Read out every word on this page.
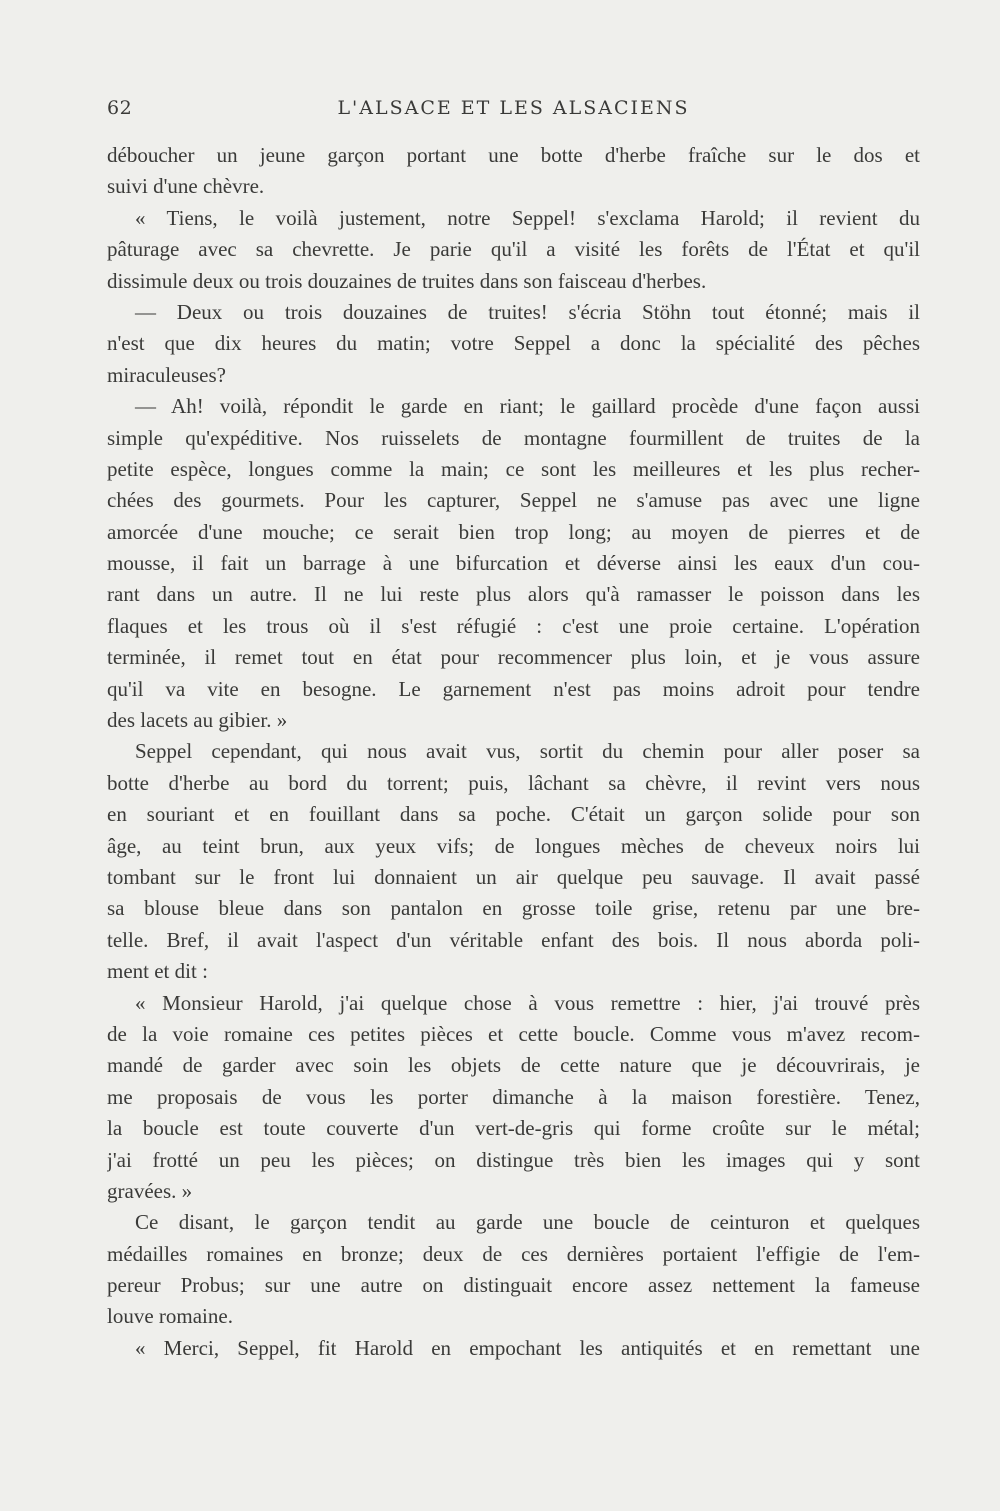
62	L'ALSACE ET LES ALSACIENS
déboucher un jeune garçon portant une botte d'herbe fraîche sur le dos et
suivi d'une chèvre.
« Tiens, le voilà justement, notre Seppel! s'exclama Harold; il revient du
pâturage avec sa chevrette. Je parie qu'il a visité les forêts de l'État et qu'il
dissimule deux ou trois douzaines de truites dans son faisceau d'herbes.
— Deux ou trois douzaines de truites! s'écria Stöhn tout étonné; mais il
n'est que dix heures du matin; votre Seppel a donc la spécialité des pêches
miraculeuses?
— Ah! voilà, répondit le garde en riant; le gaillard procède d'une façon aussi
simple qu'expéditive. Nos ruisselets de montagne fourmillent de truites de la
petite espèce, longues comme la main; ce sont les meilleures et les plus recher-
chées des gourmets. Pour les capturer, Seppel ne s'amuse pas avec une ligne
amorcée d'une mouche; ce serait bien trop long; au moyen de pierres et de
mousse, il fait un barrage à une bifurcation et déverse ainsi les eaux d'un cou-
rant dans un autre. Il ne lui reste plus alors qu'à ramasser le poisson dans les
flaques et les trous où il s'est réfugié : c'est une proie certaine. L'opération
terminée, il remet tout en état pour recommencer plus loin, et je vous assure
qu'il va vite en besogne. Le garnement n'est pas moins adroit pour tendre
des lacets au gibier. »
Seppel cependant, qui nous avait vus, sortit du chemin pour aller poser sa
botte d'herbe au bord du torrent; puis, lâchant sa chèvre, il revint vers nous
en souriant et en fouillant dans sa poche. C'était un garçon solide pour son
âge, au teint brun, aux yeux vifs; de longues mèches de cheveux noirs lui
tombant sur le front lui donnaient un air quelque peu sauvage. Il avait passé
sa blouse bleue dans son pantalon en grosse toile grise, retenu par une bre-
telle. Bref, il avait l'aspect d'un véritable enfant des bois. Il nous aborda poli-
ment et dit :
« Monsieur Harold, j'ai quelque chose à vous remettre : hier, j'ai trouvé près
de la voie romaine ces petites pièces et cette boucle. Comme vous m'avez recom-
mandé de garder avec soin les objets de cette nature que je découvrirais, je
me proposais de vous les porter dimanche à la maison forestière. Tenez,
la boucle est toute couverte d'un vert-de-gris qui forme croûte sur le métal;
j'ai frotté un peu les pièces; on distingue très bien les images qui y sont
gravées. »
Ce disant, le garçon tendit au garde une boucle de ceinturon et quelques
médailles romaines en bronze; deux de ces dernières portaient l'effigie de l'em-
pereur Probus; sur une autre on distinguait encore assez nettement la fameuse
louve romaine.
« Merci, Seppel, fit Harold en empochant les antiquités et en remettant une
